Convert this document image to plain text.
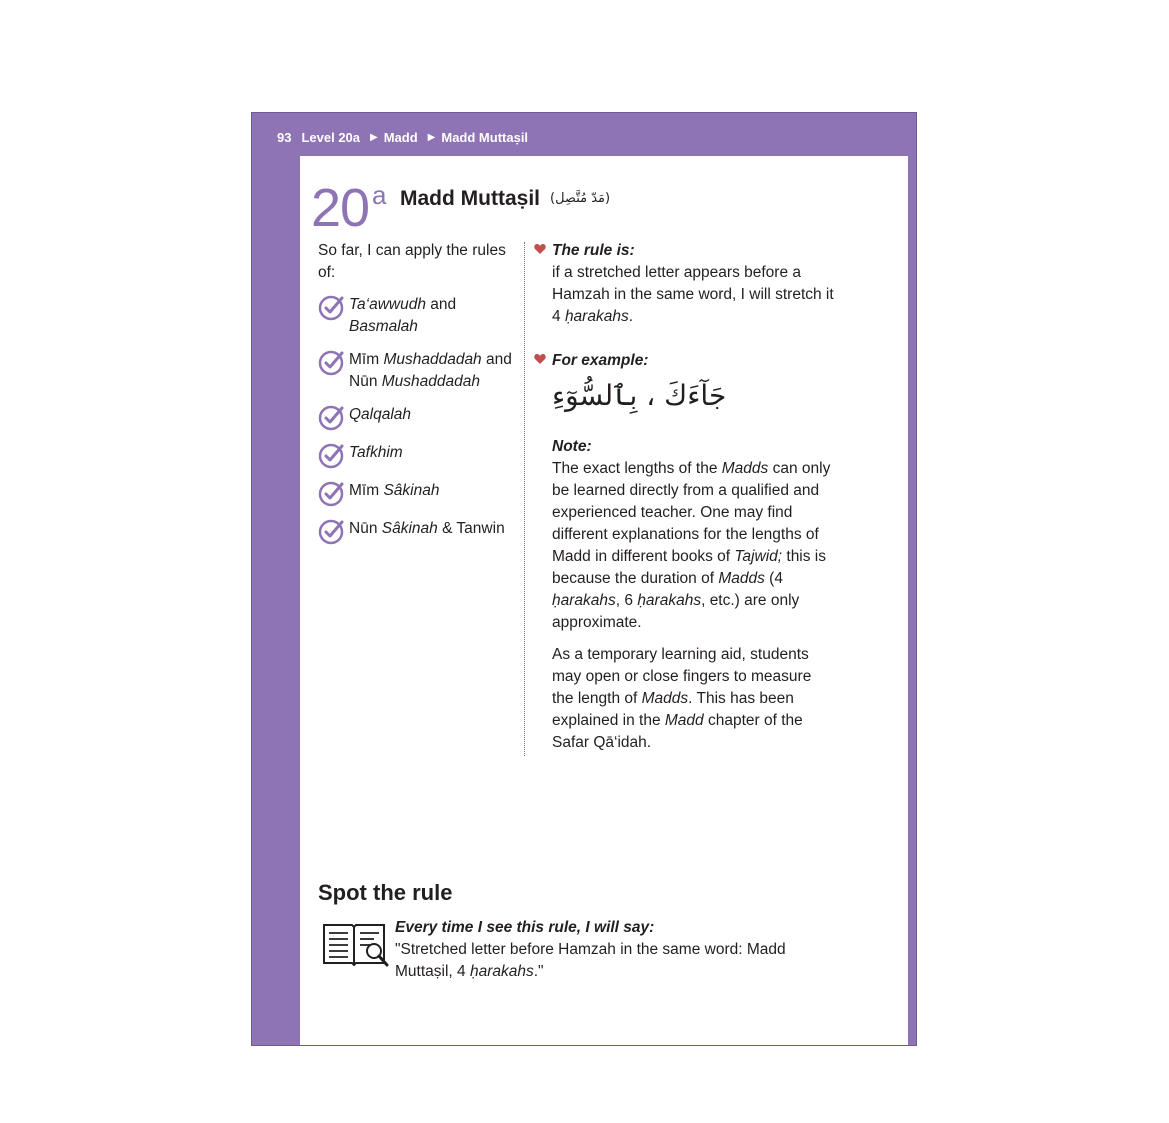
93 Level 20a ▶ Madd ▶ Madd Muttaṣil
20 a Madd Muttaṣil (مَدّ مُتَّصِل)

So far, I can apply the rules of:

Ta‘awwudh and Basmalah
Mīm Mushaddadah and Nūn Mushaddadah
Qalqalah
Tafkhim
Mīm Sâkinah
Nūn Sâkinah & Tanwin
The rule is:
if a stretched letter appears before a Hamzah in the same word, I will stretch it 4 ḥarakahs.
For example:
جَآءَكَ ، بِٱلسُّوٓءِ
Note:

The exact lengths of the Madds can only be learned directly from a qualified and experienced teacher. One may find different explanations for the lengths of Madd in different books of Tajwid; this is because the duration of Madds (4 ḥarakahs, 6 ḥarakahs, etc.) are only approximate.

As a temporary learning aid, students may open or close fingers to measure the length of Madds. This has been explained in the Madd chapter of the Safar Qā‘idah.

Spot the rule
Every time I see this rule, I will say:
"Stretched letter before Hamzah in the same word: Madd Muttaṣil, 4 ḥarakahs."
